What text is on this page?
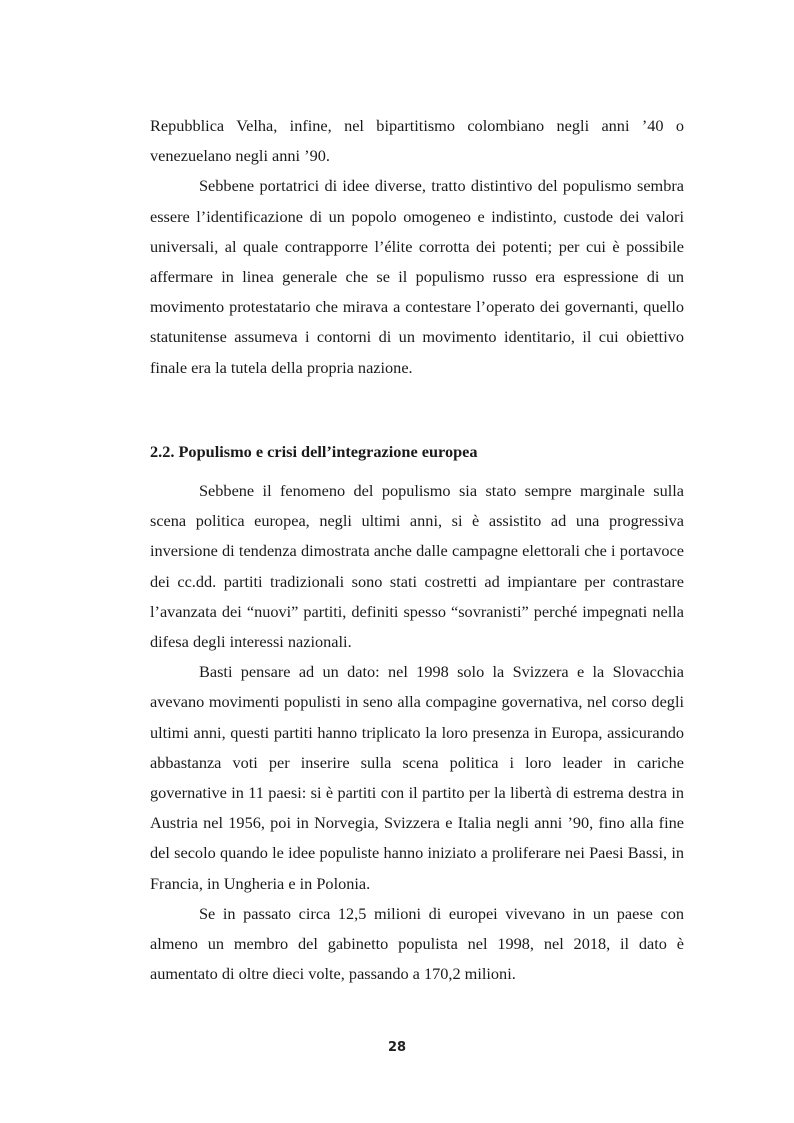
Repubblica Velha, infine, nel bipartitismo colombiano negli anni ’40 o venezuelano negli anni ’90.

Sebbene portatrici di idee diverse, tratto distintivo del populismo sembra essere l’identificazione di un popolo omogeneo e indistinto, custode dei valori universali, al quale contrapporre l’élite corrotta dei potenti; per cui è possibile affermare in linea generale che se il populismo russo era espressione di un movimento protestatario che mirava a contestare l’operato dei governanti, quello statunitense assumeva i contorni di un movimento identitario, il cui obiettivo finale era la tutela della propria nazione.

2.2. Populismo e crisi dell’integrazione europea

Sebbene il fenomeno del populismo sia stato sempre marginale sulla scena politica europea, negli ultimi anni, si è assistito ad una progressiva inversione di tendenza dimostrata anche dalle campagne elettorali che i portavoce dei cc.dd. partiti tradizionali sono stati costretti ad impiantare per contrastare l’avanzata dei “nuovi” partiti, definiti spesso “sovranisti” perché impegnati nella difesa degli interessi nazionali.

Basti pensare ad un dato: nel 1998 solo la Svizzera e la Slovacchia avevano movimenti populisti in seno alla compagine governativa, nel corso degli ultimi anni, questi partiti hanno triplicato la loro presenza in Europa, assicurando abbastanza voti per inserire sulla scena politica i loro leader in cariche governative in 11 paesi: si è partiti con il partito per la libertà di estrema destra in Austria nel 1956, poi in Norvegia, Svizzera e Italia negli anni ’90, fino alla fine del secolo quando le idee populiste hanno iniziato a proliferare nei Paesi Bassi, in Francia, in Ungheria e in Polonia.

Se in passato circa 12,5 milioni di europei vivevano in un paese con almeno un membro del gabinetto populista nel 1998, nel 2018, il dato è aumentato di oltre dieci volte, passando a 170,2 milioni.

28
